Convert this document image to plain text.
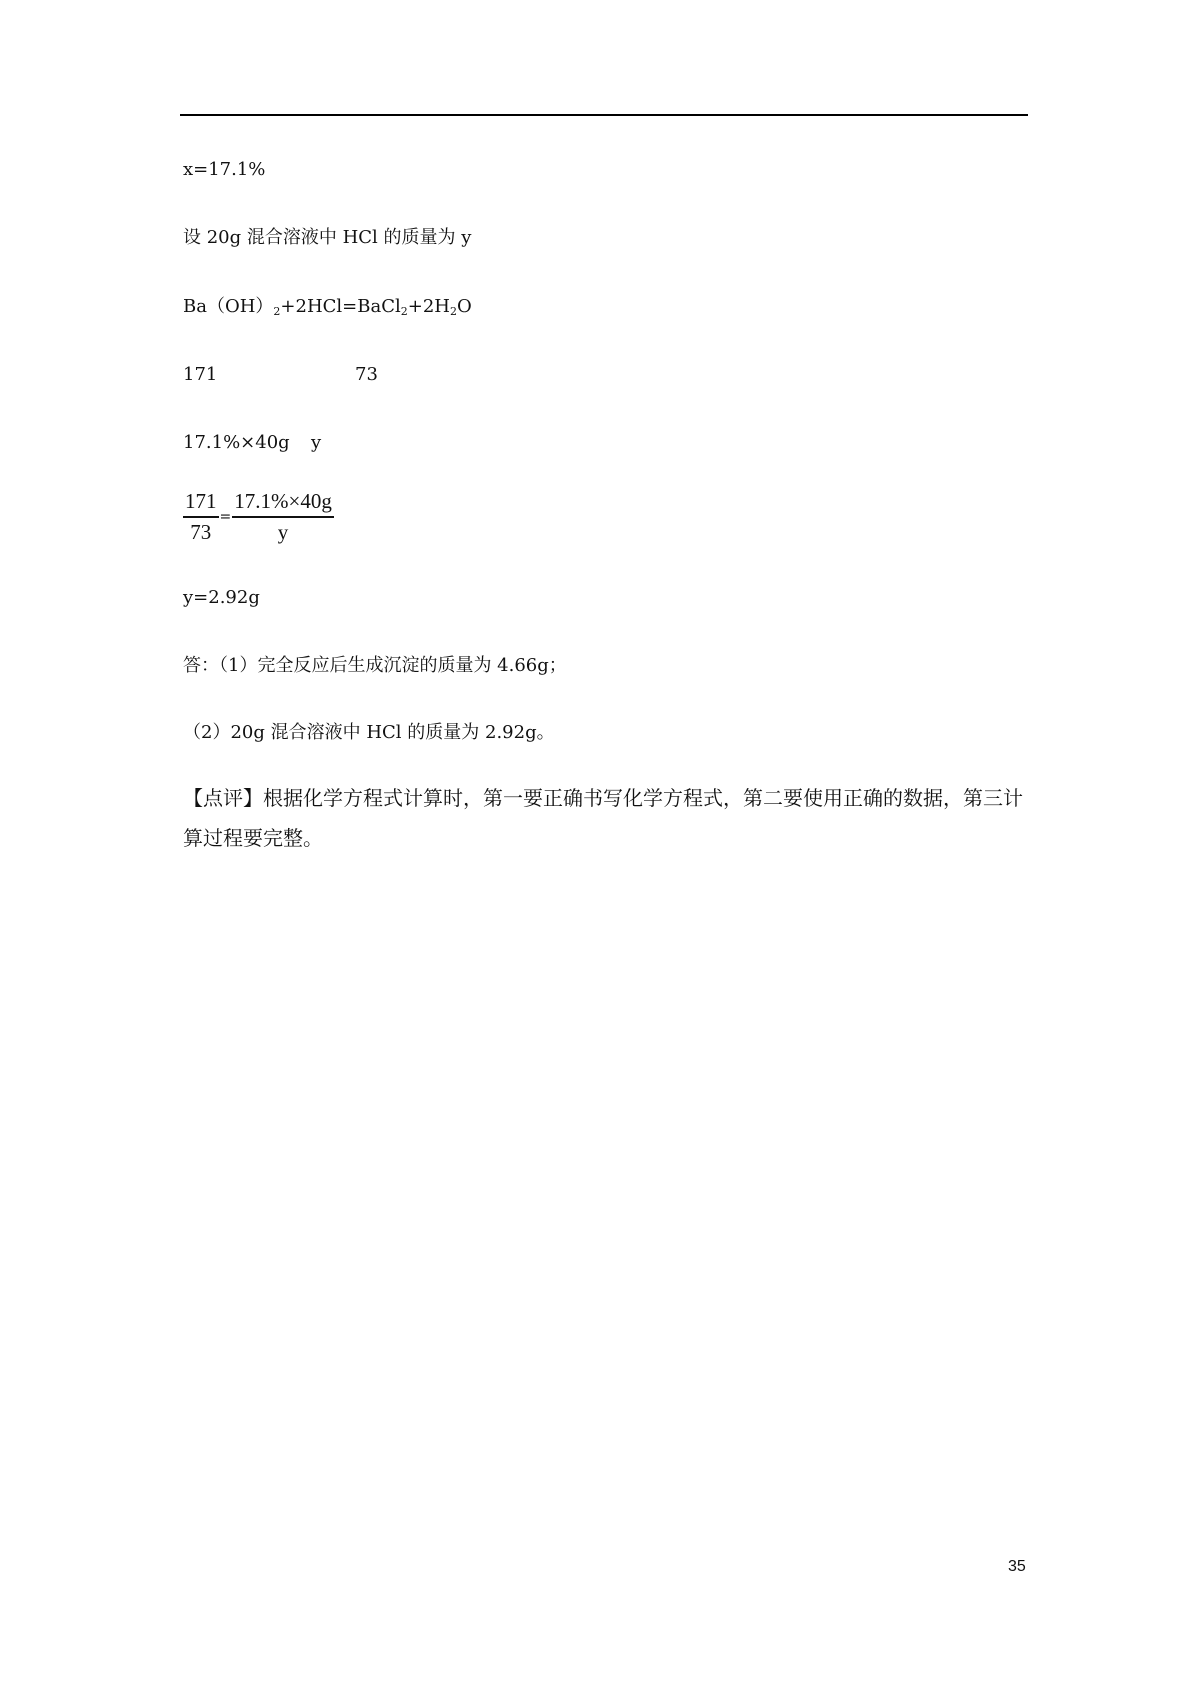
x=17.1%
设 20g 混合溶液中 HCl 的质量为 y
$Ba(OH)_2+2HCl=BaCl_2+2H_2O$
171	73
17.1%×40g y
$\frac{171}{73} = \frac{17.1\%\times 40g}{y}$
y=2.92g
答：（1）完全反应后生成沉淀的质量为 4.66g；
（2）20g 混合溶液中 HCl 的质量为 2.92g。
【点评】根据化学方程式计算时，第一要正确书写化学方程式，第二要使用正确的数据，第三计算过程要完整。
35
